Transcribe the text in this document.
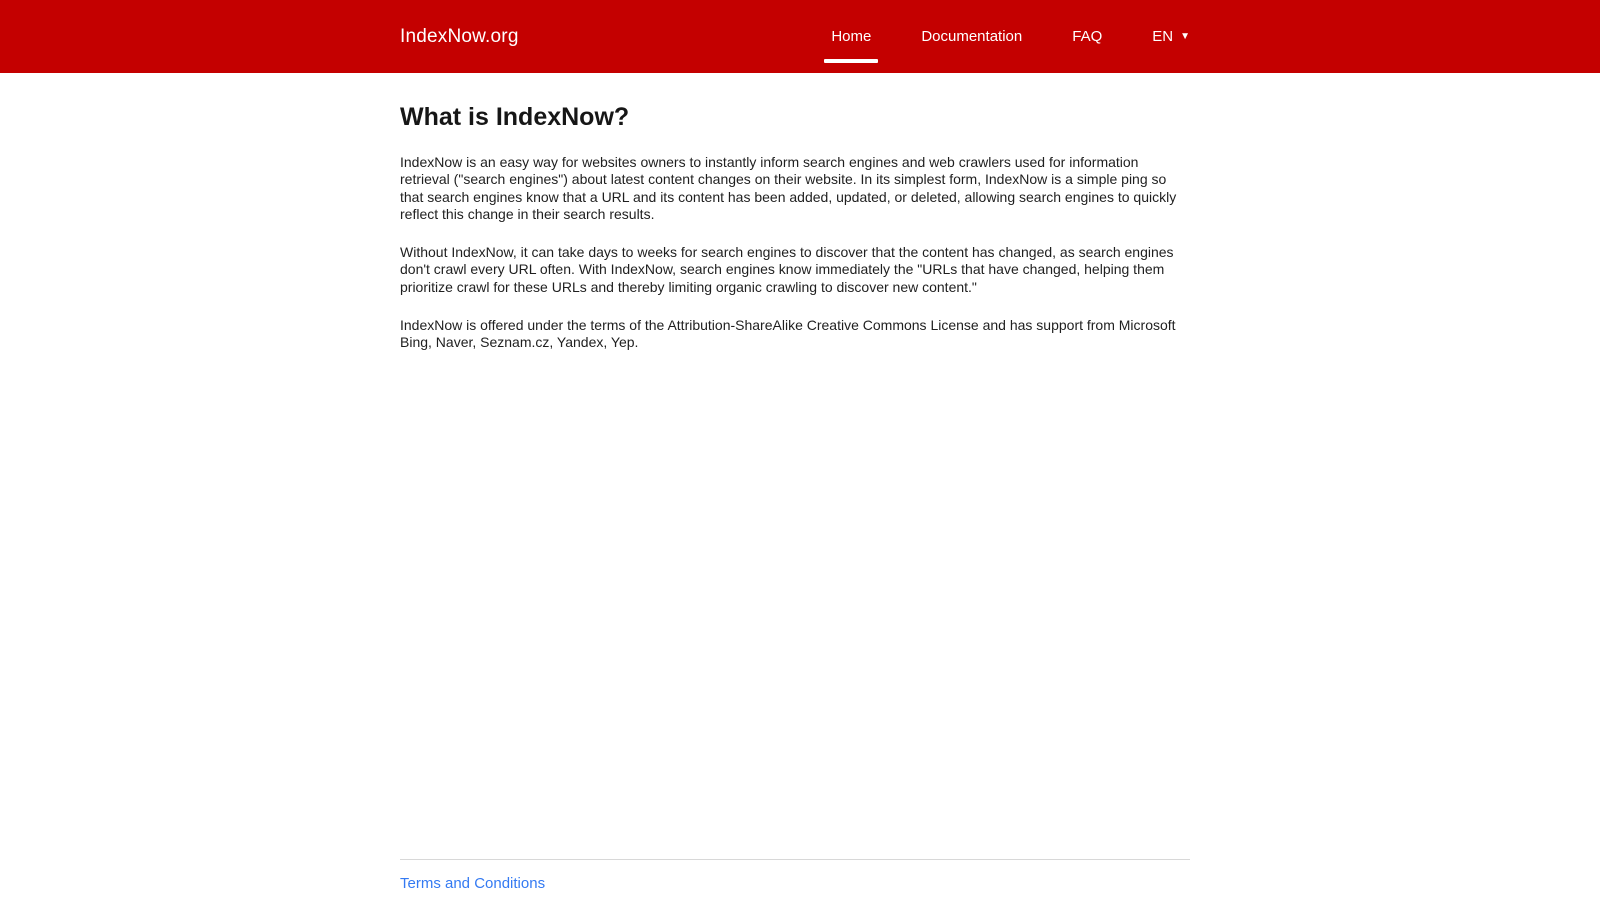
IndexNow.org	Home	Documentation	FAQ	EN ▼
What is IndexNow?

IndexNow is an easy way for websites owners to instantly inform search engines and web crawlers used for information retrieval ("search engines") about latest content changes on their website. In its simplest form, IndexNow is a simple ping so that search engines know that a URL and its content has been added, updated, or deleted, allowing search engines to quickly reflect this change in their search results.

Without IndexNow, it can take days to weeks for search engines to discover that the content has changed, as search engines don't crawl every URL often. With IndexNow, search engines know immediately the "URLs that have changed, helping them prioritize crawl for these URLs and thereby limiting organic crawling to discover new content."

IndexNow is offered under the terms of the Attribution-ShareAlike Creative Commons License and has support from Microsoft Bing, Naver, Seznam.cz, Yandex, Yep.

Terms and Conditions
